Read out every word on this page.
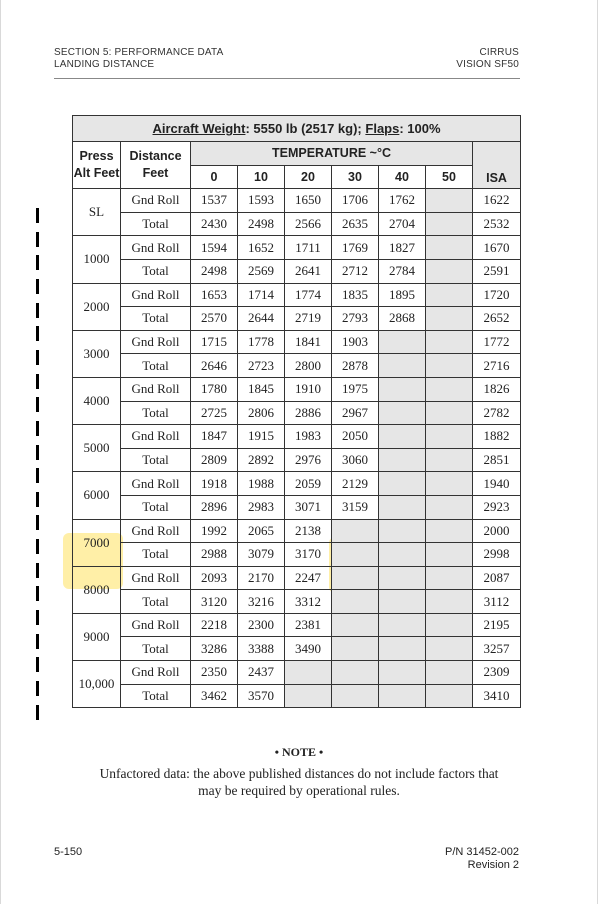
SECTION 5: PERFORMANCE DATA
LANDING DISTANCE
CIRRUS
VISION SF50
Aircraft Weight: 5550 lb (2517 kg); Flaps: 100%								
Press Alt Feet	Distance Feet	TEMPERATURE ~°C						ISA
		0	10	20	30	40	50	
SL	Gnd Roll	1537	1593	1650	1706	1762		1622
	Total	2430	2498	2566	2635	2704		2532
1000	Gnd Roll	1594	1652	1711	1769	1827		1670
	Total	2498	2569	2641	2712	2784		2591
2000	Gnd Roll	1653	1714	1774	1835	1895		1720
	Total	2570	2644	2719	2793	2868		2652
3000	Gnd Roll	1715	1778	1841	1903			1772
	Total	2646	2723	2800	2878			2716
4000	Gnd Roll	1780	1845	1910	1975			1826
	Total	2725	2806	2886	2967			2782
5000	Gnd Roll	1847	1915	1983	2050			1882
	Total	2809	2892	2976	3060			2851
6000	Gnd Roll	1918	1988	2059	2129			1940
	Total	2896	2983	3071	3159			2923
7000	Gnd Roll	1992	2065	2138				2000
	Total	2988	3079	3170				2998
8000	Gnd Roll	2093	2170	2247				2087
	Total	3120	3216	3312				3112
9000	Gnd Roll	2218	2300	2381				2195
	Total	3286	3388	3490				3257
10,000	Gnd Roll	2350	2437					2309
	Total	3462	3570					3410
• NOTE •
Unfactored data: the above published distances do not include factors that may be required by operational rules.
5-150	P/N 31452-002
Revision 2
